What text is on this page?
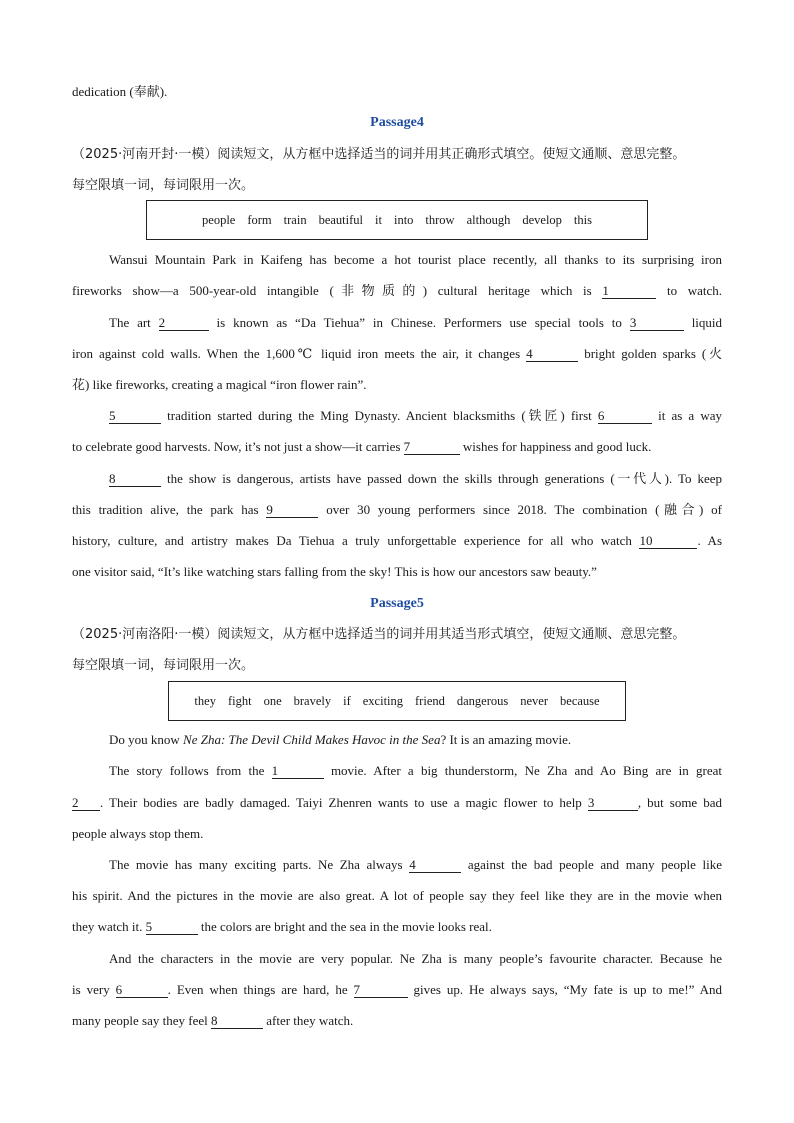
dedication (奉献).
Passage4
（2025·河南开封·一模）阅读短文，从方框中选择适当的词并用其正确形式填空。使短文通顺、意思完整。
每空限填一词，每词限用一次。
people form train beautiful it into throw although develop this
Wansui Mountain Park in Kaifeng has become a hot tourist place recently, all thanks to its surprising iron
fireworks show—a 500-year-old intangible (非物质的) cultural heritage which is 1	to watch.
The art 2	is known as “Da Tiehua” in Chinese. Performers use special tools to 3	liquid
iron against cold walls. When the 1,600℃ liquid iron meets the air, it changes 4	bright golden sparks (火
花) like fireworks, creating a magical “iron flower rain”.
5	tradition started during the Ming Dynasty. Ancient blacksmiths (铁匠) first 6	it as a way
to celebrate good harvests. Now, it’s not just a show—it carries 7	wishes for happiness and good luck.
8	the show is dangerous, artists have passed down the skills through generations (一代人). To keep
this tradition alive, the park has 9	over 30 young performers since 2018. The combination (融合) of
history, culture, and artistry makes Da Tiehua a truly unforgettable experience for all who watch 10	. As
one visitor said, “It’s like watching stars falling from the sky! This is how our ancestors saw beauty.”
Passage5
（2025·河南洛阳·一模）阅读短文，从方框中选择适当的词并用其适当形式填空，使短文通顺、意思完整。
每空限填一词，每词限用一次。
they fight one bravely if exciting friend dangerous never because
Do you know Ne Zha: The Devil Child Makes Havoc in the Sea? It is an amazing movie.
The story follows from the 1	movie. After a big thunderstorm, Ne Zha and Ao Bing are in great
2 . Their bodies are badly damaged. Taiyi Zhenren wants to use a magic flower to help 3	, but some bad
people always stop them.
The movie has many exciting parts. Ne Zha always 4	against the bad people and many people like
his spirit. And the pictures in the movie are also great. A lot of people say they feel like they are in the movie when
they watch it. 5	the colors are bright and the sea in the movie looks real.
And the characters in the movie are very popular. Ne Zha is many people’s favourite character. Because he
is very 6	. Even when things are hard, he 7	gives up. He always says, “My fate is up to me!” And
many people say they feel 8	after they watch.
